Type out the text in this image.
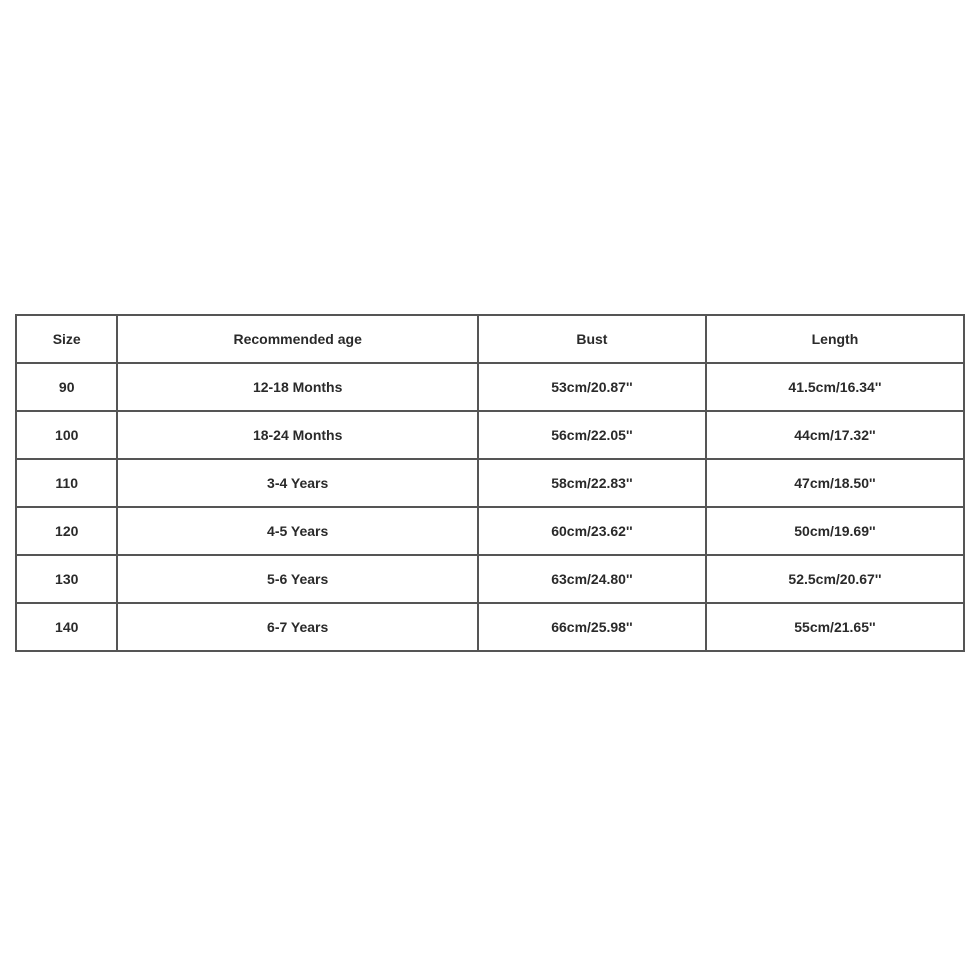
Size	Recommended age	Bust	Length
90	12-18 Months	53cm/20.87''	41.5cm/16.34''
100	18-24 Months	56cm/22.05''	44cm/17.32''
110	3-4 Years	58cm/22.83''	47cm/18.50''
120	4-5 Years	60cm/23.62''	50cm/19.69''
130	5-6 Years	63cm/24.80''	52.5cm/20.67''
140	6-7 Years	66cm/25.98''	55cm/21.65''
